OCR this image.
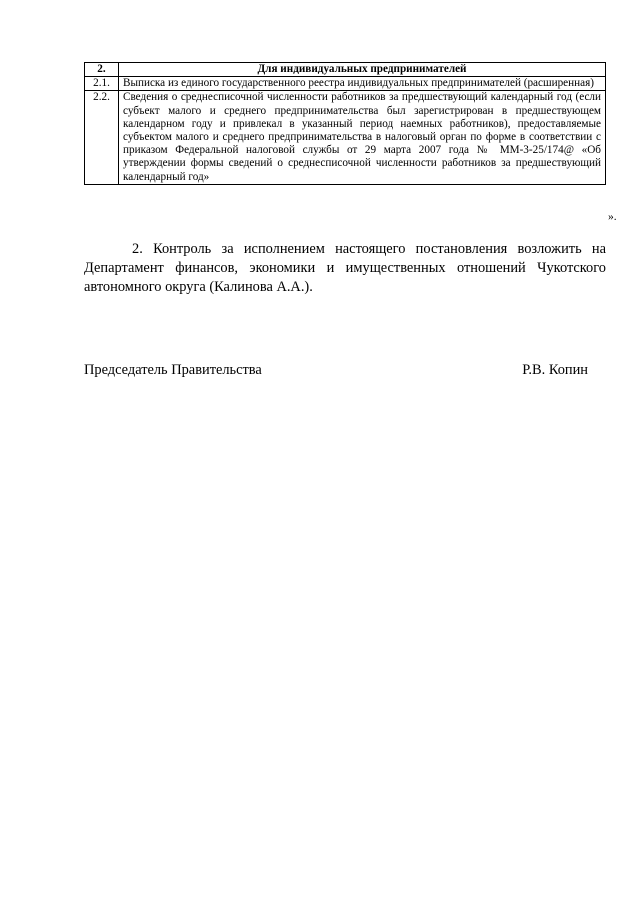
2.	Для индивидуальных предпринимателей
2.1.	Выписка из единого государственного реестра индивидуальных предпринимателей (расширенная)
2.2.	Сведения о среднесписочной численности работников за предшествующий календарный год (если субъект малого и среднего предпринимательства был зарегистрирован в предшествующем календарном году и привлекал в указанный период наемных работников), предоставляемые субъектом малого и среднего предпринимательства в налоговый орган по форме в соответствии с приказом Федеральной налоговой службы от 29 марта 2007 года № ММ-3-25/174@ «Об утверждении формы сведений о среднесписочной численности работников за предшествующий календарный год»
».

2. Контроль за исполнением настоящего постановления возложить на Департамент финансов, экономики и имущественных отношений Чукотского автономного округа (Калинова А.А.).

Председатель Правительства	Р.В. Копин
